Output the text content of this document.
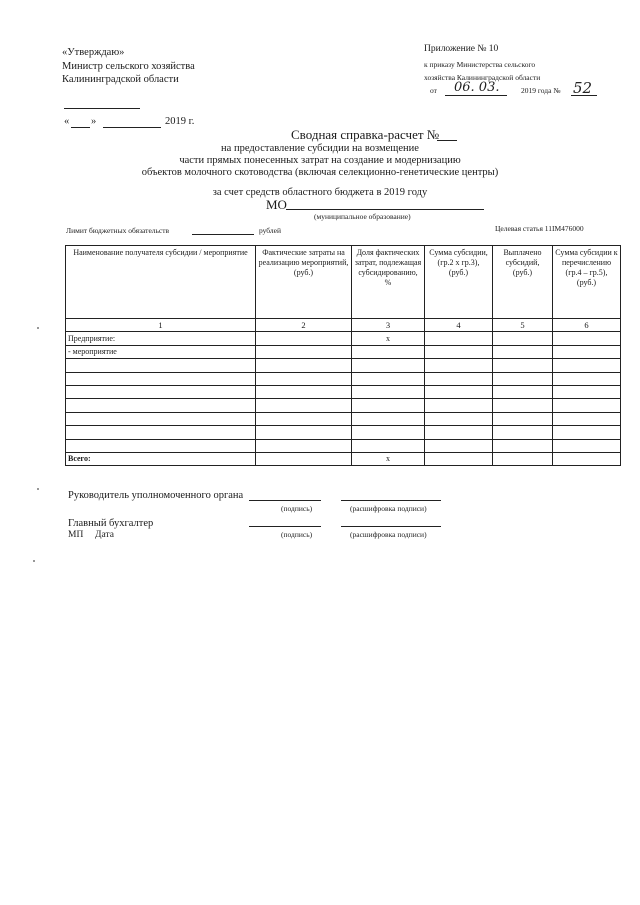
«Утверждаю»
Министр сельского хозяйства
Калининградской области
« »	2019 г.
Приложение № 10
к приказу Министерства сельского
хозяйства Калининградской области
от 06. 03.	2019 года № 52
Сводная справка-расчет №
на предоставление субсидии на возмещение
части прямых понесенных затрат на создание и модернизацию
объектов молочного скотоводства (включая селекционно-генетические центры)
за счет средств областного бюджета в 2019 году
МО
(муниципальное образование)
Лимит бюджетных обязательств	рублей	Целевая статья 11IМ476000
Наименование получателя субсидии / мероприятие	Фактические затраты на реализацию мероприятий, (руб.)	Доля фактических затрат, подлежащая субсидированию, %	Сумма субсидии, (гр.2 х гр.3), (руб.)	Выплачено субсидий, (руб.)	Сумма субсидии к перечислению (гр.4 – гр.5), (руб.)
1	2	3	4	5	6
Предприятие:		х			
- мероприятие					

Всего:		х			
Руководитель уполномоченного органа
(подпись)	(расшифровка подписи)
Главный бухгалтер
МП Дата	(подпись)	(расшифровка подписи)
